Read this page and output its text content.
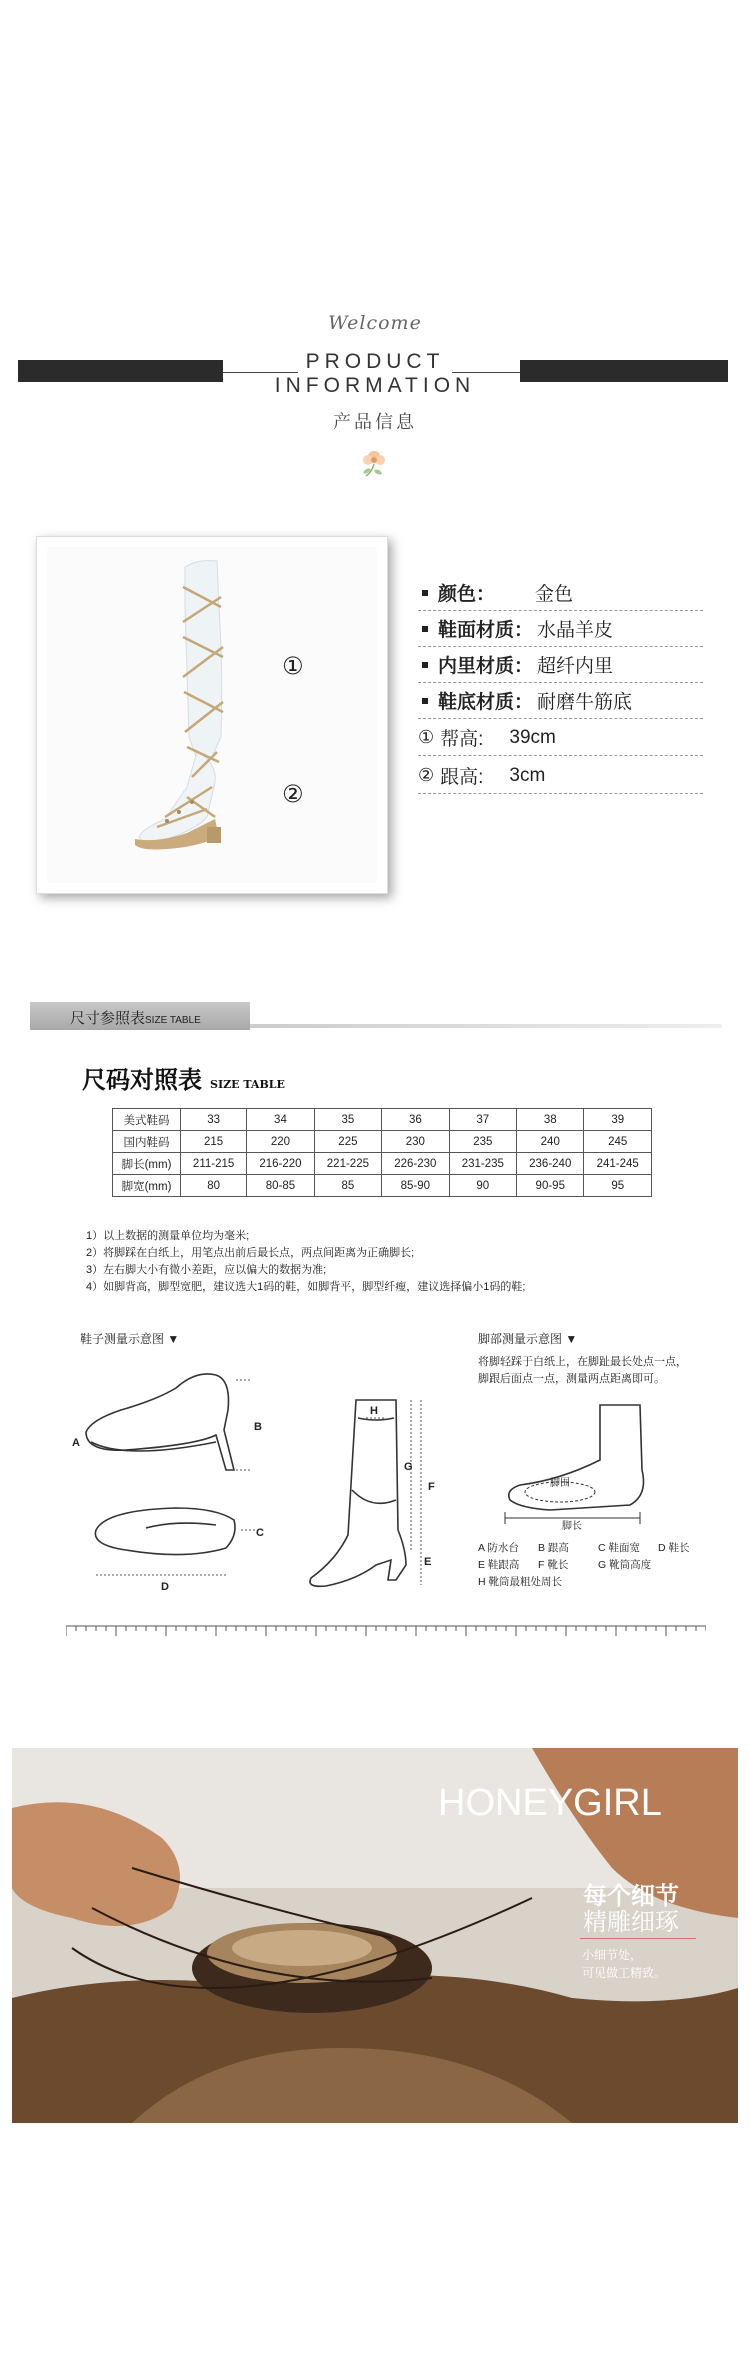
Welcome
PRODUCT
INFORMATION
产品信息
①
②
颜色： 金色
鞋面材质： 水晶羊皮
内里材质： 超纤内里
鞋底材质： 耐磨牛筋底
① 帮高: 39cm
② 跟高: 3cm
尺寸参照表SIZE TABLE
尺码对照表 SIZE TABLE
美式鞋码	33	34	35	36	37	38	39
国内鞋码	215	220	225	230	235	240	245
脚长(mm)	211-215	216-220	221-225	226-230	231-235	236-240	241-245
脚宽(mm)	80	80-85	85	85-90	90	90-95	95
1）以上数据的测量单位均为毫米;
2）将脚踩在白纸上，用笔点出前后最长点，两点间距离为正确脚长;
3）左右脚大小有微小差距，应以偏大的数据为准;
4）如脚背高，脚型宽肥，建议选大1码的鞋，如脚背平，脚型纤瘦，建议选择偏小1码的鞋;
鞋子测量示意图 ▼	脚部测量示意图 ▼
将脚轻踩于白纸上，在脚趾最长处点一点，
脚跟后面点一点，测量两点距离即可。
A
B
C
D
E
F
G
H
脚围
脚长
A 防水台 B 跟高	C 鞋面宽 D 鞋长
E 鞋跟高 F 靴长	G 靴筒高度
H 靴筒最粗处周长
HONEYGIRL
每个细节
精雕细琢
小细节处，
可见做工精致。
